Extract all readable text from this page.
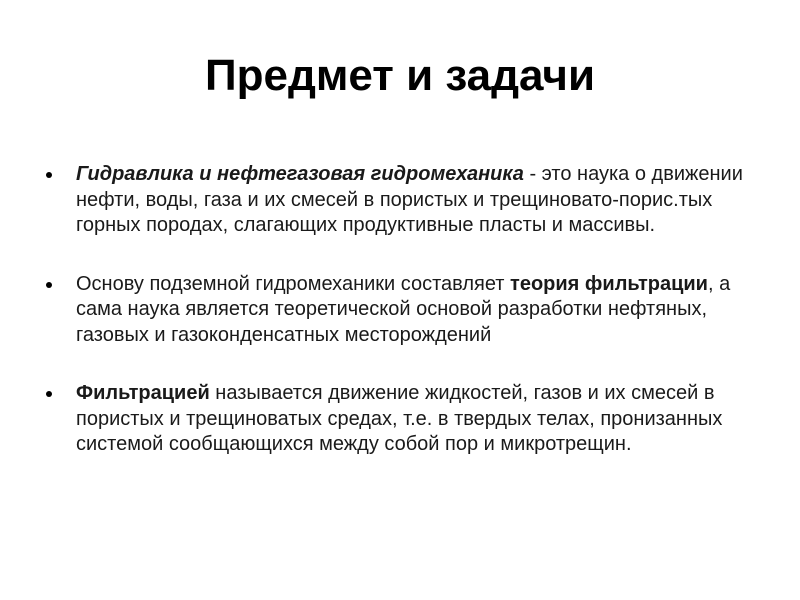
Предмет и задачи
Гидравлика и нефтегазовая гидромеханика - это наука о движении нефти, воды, газа и их смесей в пористых и трещиновато-порис.тых горных породах, слагающих продуктивные пласты и массивы.
Основу подземной гидромеханики составляет теория фильтрации, а сама наука является теоретической основой разработки нефтяных, газовых и газоконденсатных месторождений
Фильтрацией называется движение жидкостей, газов и их смесей в пористых и трещиноватых средах, т.е. в твердых телах, пронизанных системой сообщающихся между собой пор и микротрещин.
